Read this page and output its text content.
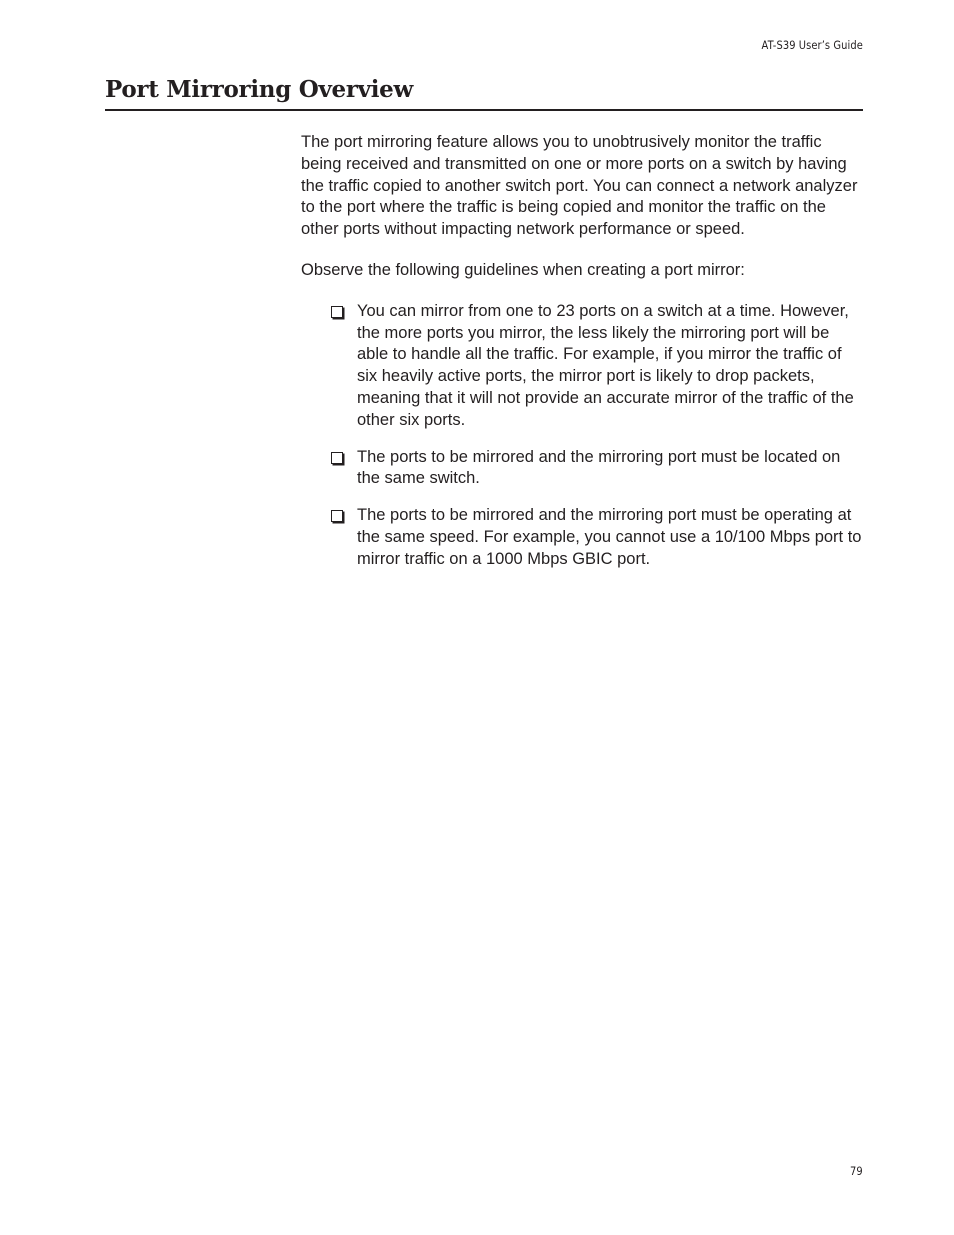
AT-S39 User’s Guide
Port Mirroring Overview

The port mirroring feature allows you to unobtrusively monitor the traffic being received and transmitted on one or more ports on a switch by having the traffic copied to another switch port. You can connect a network analyzer to the port where the traffic is being copied and monitor the traffic on the other ports without impacting network performance or speed.

Observe the following guidelines when creating a port mirror:

You can mirror from one to 23 ports on a switch at a time. However, the more ports you mirror, the less likely the mirroring port will be able to handle all the traffic. For example, if you mirror the traffic of six heavily active ports, the mirror port is likely to drop packets, meaning that it will not provide an accurate mirror of the traffic of the other six ports.
The ports to be mirrored and the mirroring port must be located on the same switch.
The ports to be mirrored and the mirroring port must be operating at the same speed. For example, you cannot use a 10/100 Mbps port to mirror traffic on a 1000 Mbps GBIC port.
79
